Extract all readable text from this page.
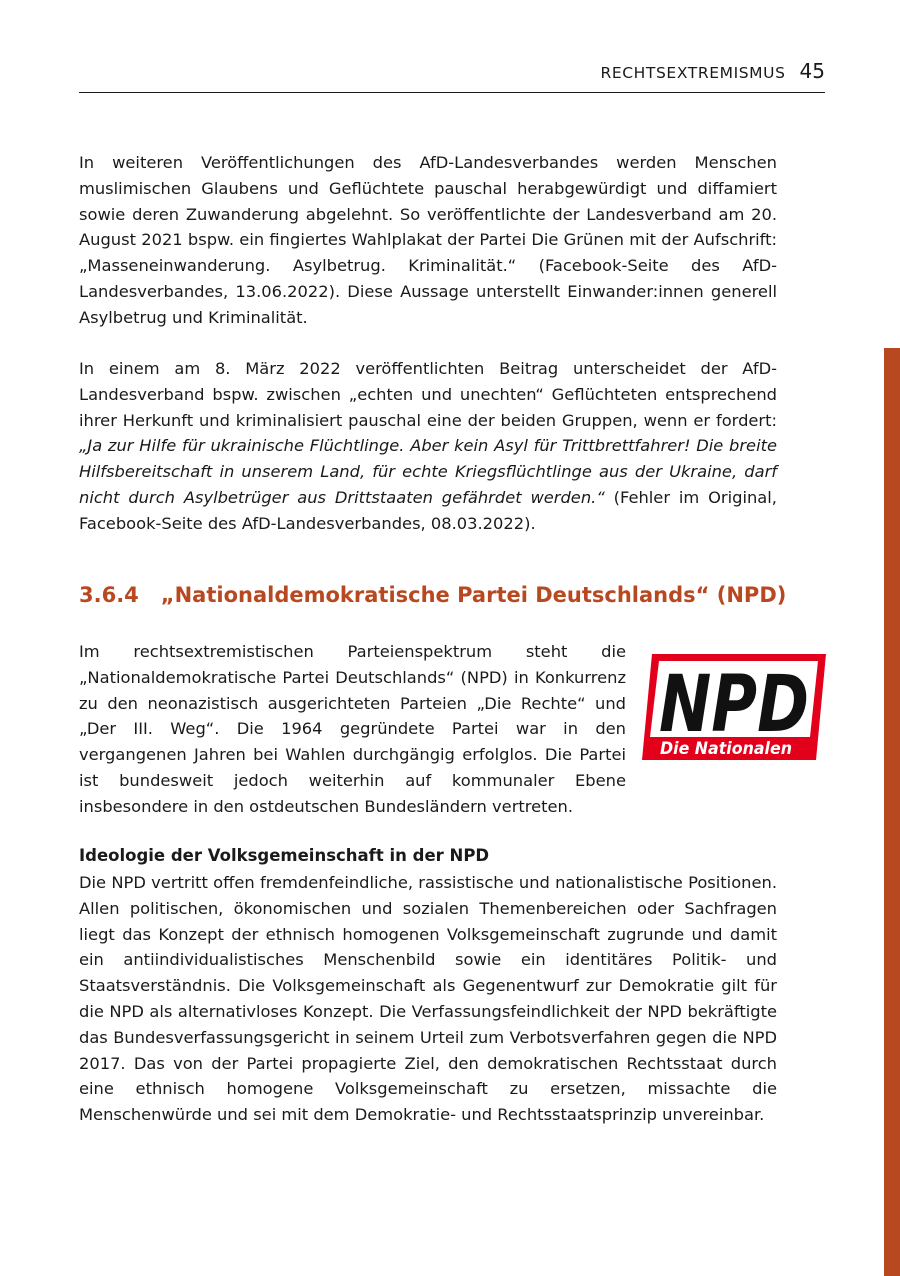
RECHTSEXTREMISMUS 45

In weiteren Veröffentlichungen des AfD-Landesverbandes werden Menschen muslimischen Glaubens und Geflüchtete pauschal herabgewürdigt und diffamiert sowie deren Zuwanderung abgelehnt. So veröffentlichte der Landesverband am 20. August 2021 bspw. ein fingiertes Wahlplakat der Partei Die Grünen mit der Aufschrift: „Masseneinwanderung. Asylbetrug. Kriminalität.“ (Facebook-Seite des AfD-Landesverbandes, 13.06.2022). Diese Aussage unterstellt Einwander:innen generell Asylbetrug und Kriminalität.

In einem am 8. März 2022 veröffentlichten Beitrag unterscheidet der AfD-Landesverband bspw. zwischen „echten und unechten“ Geflüchteten entsprechend ihrer Herkunft und kriminalisiert pauschal eine der beiden Gruppen, wenn er fordert: „Ja zur Hilfe für ukrainische Flüchtlinge. Aber kein Asyl für Trittbrettfahrer! Die breite Hilfsbereitschaft in unserem Land, für echte Kriegsflüchtlinge aus der Ukraine, darf nicht durch Asylbetrüger aus Drittstaaten gefährdet werden.“ (Fehler im Original, Facebook-Seite des AfD-Landesverbandes, 08.03.2022).

3.6.4 „Nationaldemokratische Partei Deutschlands“ (NPD)

Im rechtsextremistischen Parteienspektrum steht die „Nationaldemokratische Partei Deutschlands“ (NPD) in Konkurrenz zu den neonazistisch ausgerichteten Parteien „Die Rechte“ und „Der III. Weg“. Die 1964 gegründete Partei war in den vergangenen Jahren bei Wahlen durchgängig erfolglos. Die Partei ist bundesweit jedoch weiterhin auf kommunaler Ebene insbesondere in den ostdeutschen Bundesländern vertreten.

NPD
Die Nationalen
Ideologie der Volksgemeinschaft in der NPD

Die NPD vertritt offen fremdenfeindliche, rassistische und nationalistische Positionen. Allen politischen, ökonomischen und sozialen Themenbereichen oder Sachfragen liegt das Konzept der ethnisch homogenen Volksgemeinschaft zugrunde und damit ein antiindividualistisches Menschenbild sowie ein identitäres Politik- und Staatsverständnis. Die Volksgemeinschaft als Gegenentwurf zur Demokratie gilt für die NPD als alternativloses Konzept. Die Verfassungsfeindlichkeit der NPD bekräftigte das Bundesverfassungsgericht in seinem Urteil zum Verbotsverfahren gegen die NPD 2017. Das von der Partei propagierte Ziel, den demokratischen Rechtsstaat durch eine ethnisch homogene Volksgemeinschaft zu ersetzen, missachte die Menschenwürde und sei mit dem Demokratie- und Rechtsstaatsprinzip unvereinbar.
